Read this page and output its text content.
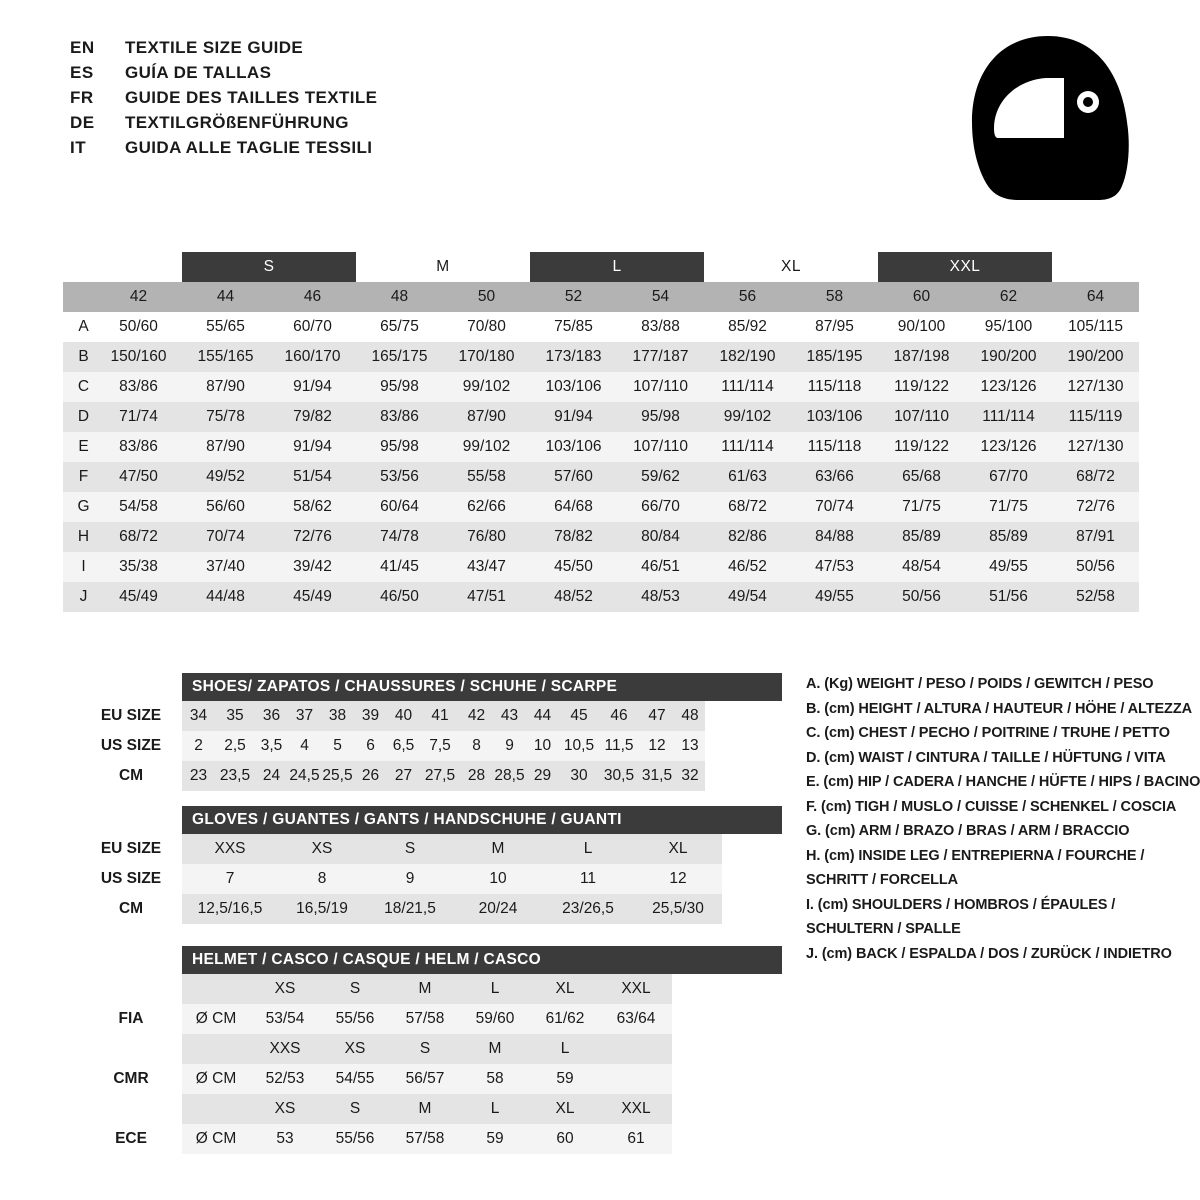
EN	TEXTILE SIZE GUIDE
ES	GUÍA DE TALLAS
FR	GUIDE DES TAILLES TEXTILE
DE	TEXTILGRÖßENFÜHRUNG
IT	GUIDA ALLE TAGLIE TESSILI
		S		M		L		XL		XXL		
	42	44	46	48	50	52	54	56	58	60	62	64
A	50/60	55/65	60/70	65/75	70/80	75/85	83/88	85/92	87/95	90/100	95/100	105/115
B	150/160	155/165	160/170	165/175	170/180	173/183	177/187	182/190	185/195	187/198	190/200	190/200
C	83/86	87/90	91/94	95/98	99/102	103/106	107/110	111/114	115/118	119/122	123/126	127/130
D	71/74	75/78	79/82	83/86	87/90	91/94	95/98	99/102	103/106	107/110	111/114	115/119
E	83/86	87/90	91/94	95/98	99/102	103/106	107/110	111/114	115/118	119/122	123/126	127/130
F	47/50	49/52	51/54	53/56	55/58	57/60	59/62	61/63	63/66	65/68	67/70	68/72
G	54/58	56/60	58/62	60/64	62/66	64/68	66/70	68/72	70/74	71/75	71/75	72/76
H	68/72	70/74	72/76	74/78	76/80	78/82	80/84	82/86	84/88	85/89	85/89	87/91
I	35/38	37/40	39/42	41/45	43/47	45/50	46/51	46/52	47/53	48/54	49/55	50/56
J	45/49	44/48	45/49	46/50	47/51	48/52	48/53	49/54	49/55	50/56	51/56	52/58
SHOES/ ZAPATOS / CHAUSSURES / SCHUHE / SCARPE
EU SIZE	34	35	36	37	38	39	40	41	42	43	44	45	46	47	48
US SIZE	2	2,5	3,5	4	5	6	6,5	7,5	8	9	10	10,5	11,5	12	13
CM	23	23,5	24	24,5	25,5	26	27	27,5	28	28,5	29	30	30,5	31,5	32
GLOVES / GUANTES / GANTS / HANDSCHUHE / GUANTI
EU SIZE	XXS	XS	S	M	L	XL
US SIZE	7	8	9	10	11	12
CM	12,5/16,5	16,5/19	18/21,5	20/24	23/26,5	25,5/30
HELMET / CASCO / CASQUE / HELM / CASCO
		XS	S	M	L	XL	XXL
FIA	Ø CM	53/54	55/56	57/58	59/60	61/62	63/64
		XXS	XS	S	M	L	
CMR	Ø CM	52/53	54/55	56/57	58	59	
		XS	S	M	L	XL	XXL
ECE	Ø CM	53	55/56	57/58	59	60	61
A. (Kg) WEIGHT / PESO / POIDS / GEWITCH / PESO
B. (cm) HEIGHT / ALTURA / HAUTEUR / HÖHE / ALTEZZA
C. (cm) CHEST / PECHO / POITRINE / TRUHE / PETTO
D. (cm) WAIST / CINTURA / TAILLE / HÜFTUNG / VITA
E. (cm) HIP / CADERA / HANCHE / HÜFTE / HIPS / BACINO
F. (cm) TIGH / MUSLO / CUISSE / SCHENKEL / COSCIA
G. (cm) ARM / BRAZO / BRAS / ARM / BRACCIO
H. (cm) INSIDE LEG / ENTREPIERNA / FOURCHE /
SCHRITT / FORCELLA
I. (cm) SHOULDERS / HOMBROS / ÉPAULES /
SCHULTERN / SPALLE
J. (cm) BACK / ESPALDA / DOS / ZURÜCK / INDIETRO
